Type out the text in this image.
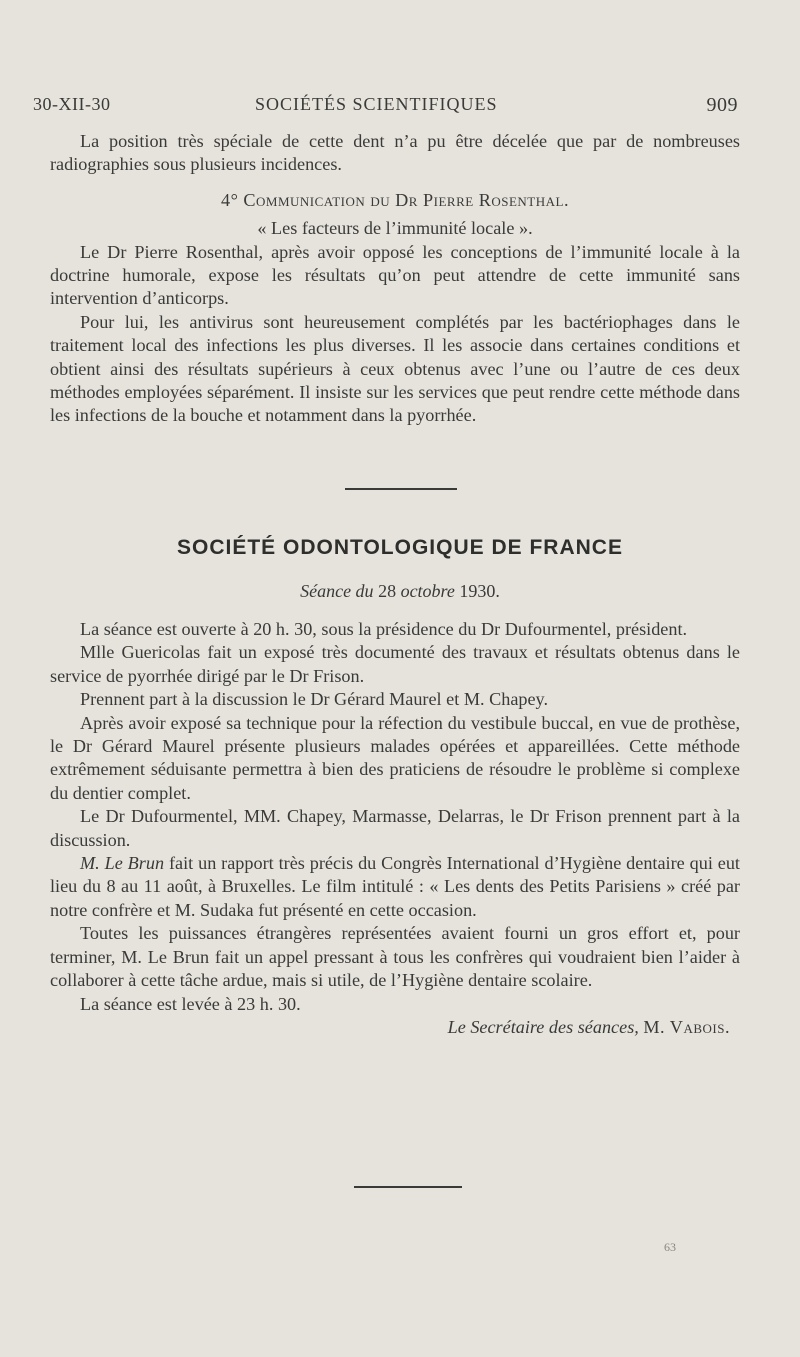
30-XII-30	SOCIÉTÉS SCIENTIFIQUES	909

La position très spéciale de cette dent n’a pu être décelée que par de nombreuses radiographies sous plusieurs incidences.

4° Communication du Dr Pierre Rosenthal.

« Les facteurs de l’immunité locale ».

Le Dr Pierre Rosenthal, après avoir opposé les conceptions de l’immunité locale à la doctrine humorale, expose les résultats qu’on peut attendre de cette immunité sans intervention d’anticorps.

Pour lui, les antivirus sont heureusement complétés par les bactériophages dans le traitement local des infections les plus diverses. Il les associe dans certaines conditions et obtient ainsi des résultats supérieurs à ceux obtenus avec l’une ou l’autre de ces deux méthodes employées séparément. Il insiste sur les services que peut rendre cette méthode dans les infections de la bouche et notamment dans la pyorrhée.

SOCIÉTÉ ODONTOLOGIQUE DE FRANCE
Séance du 28 octobre 1930.

La séance est ouverte à 20 h. 30, sous la présidence du Dr Dufourmentel, président.

Mlle Guericolas fait un exposé très documenté des travaux et résultats obtenus dans le service de pyorrhée dirigé par le Dr Frison.

Prennent part à la discussion le Dr Gérard Maurel et M. Chapey.

Après avoir exposé sa technique pour la réfection du vestibule buccal, en vue de prothèse, le Dr Gérard Maurel présente plusieurs malades opérées et appareillées. Cette méthode extrêmement séduisante permettra à bien des praticiens de résoudre le problème si complexe du dentier complet.

Le Dr Dufourmentel, MM. Chapey, Marmasse, Delarras, le Dr Frison prennent part à la discussion.

M. Le Brun fait un rapport très précis du Congrès International d’Hygiène dentaire qui eut lieu du 8 au 11 août, à Bruxelles. Le film intitulé : « Les dents des Petits Parisiens » créé par notre confrère et M. Sudaka fut présenté en cette occasion.

Toutes les puissances étrangères représentées avaient fourni un gros effort et, pour terminer, M. Le Brun fait un appel pressant à tous les confrères qui voudraient bien l’aider à collaborer à cette tâche ardue, mais si utile, de l’Hygiène dentaire scolaire.

La séance est levée à 23 h. 30.

Le Secrétaire des séances, M. Vabois.

63
